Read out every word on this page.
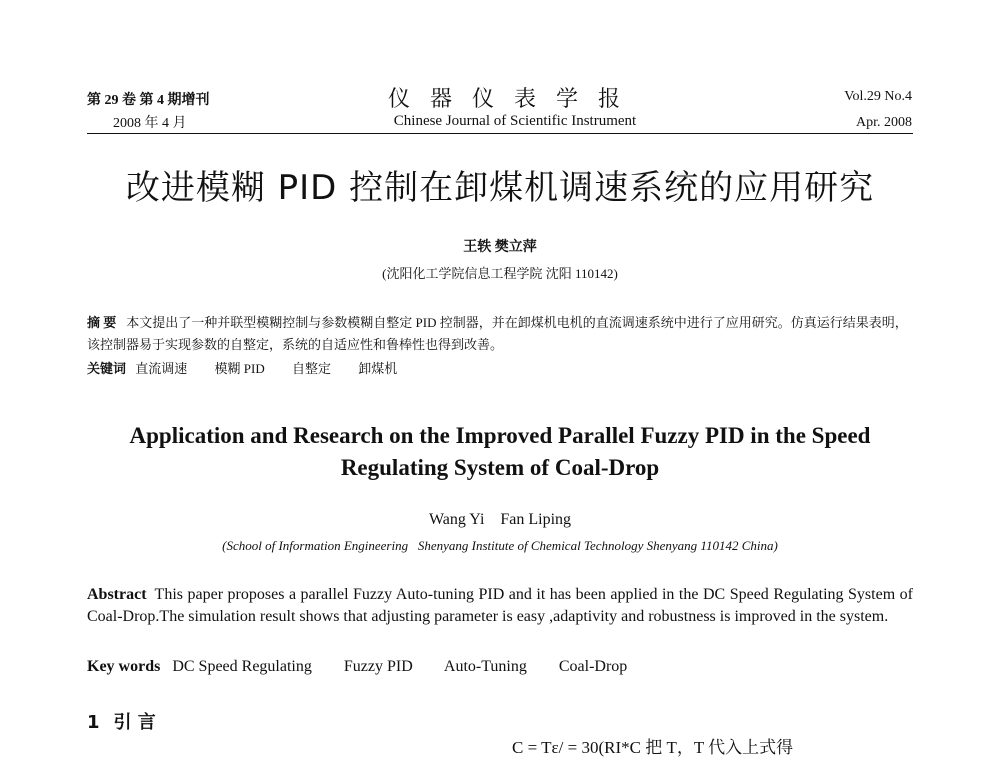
第 29 卷 第 4 期增刊
2008 年 4 月
仪器仪表学报
Chinese Journal of Scientific Instrument
Vol.29 No.4
Apr. 2008
改进模糊 PID 控制在卸煤机调速系统的应用研究
王轶 樊立萍
(沈阳化工学院信息工程学院 沈阳 110142)
摘 要 本文提出了一种并联型模糊控制与参数模糊自整定 PID 控制器，并在卸煤机电机的直流调速系统中进行了应用研究。仿真运行结果表明，该控制器易于实现参数的自整定，系统的自适应性和鲁棒性也得到改善。
关键词 直流调速 模糊 PID 自整定 卸煤机
Application and Research on the Improved Parallel Fuzzy PID in the Speed Regulating System of Coal-Drop
Wang Yi    Fan Liping
(School of Information Engineering   Shenyang Institute of Chemical Technology Shenyang 110142 China)
Abstract This paper proposes a parallel Fuzzy Auto-tuning PID and it has been applied in the DC Speed Regulating System of Coal-Drop.The simulation result shows that adjusting parameter is easy ,adaptivity and robustness is improved in the system.
Key words DC Speed Regulating Fuzzy PID Auto-Tuning Coal-Drop
1 引 言
C = Tε/ = 30(RI*C 把 T，T 代入上式得
